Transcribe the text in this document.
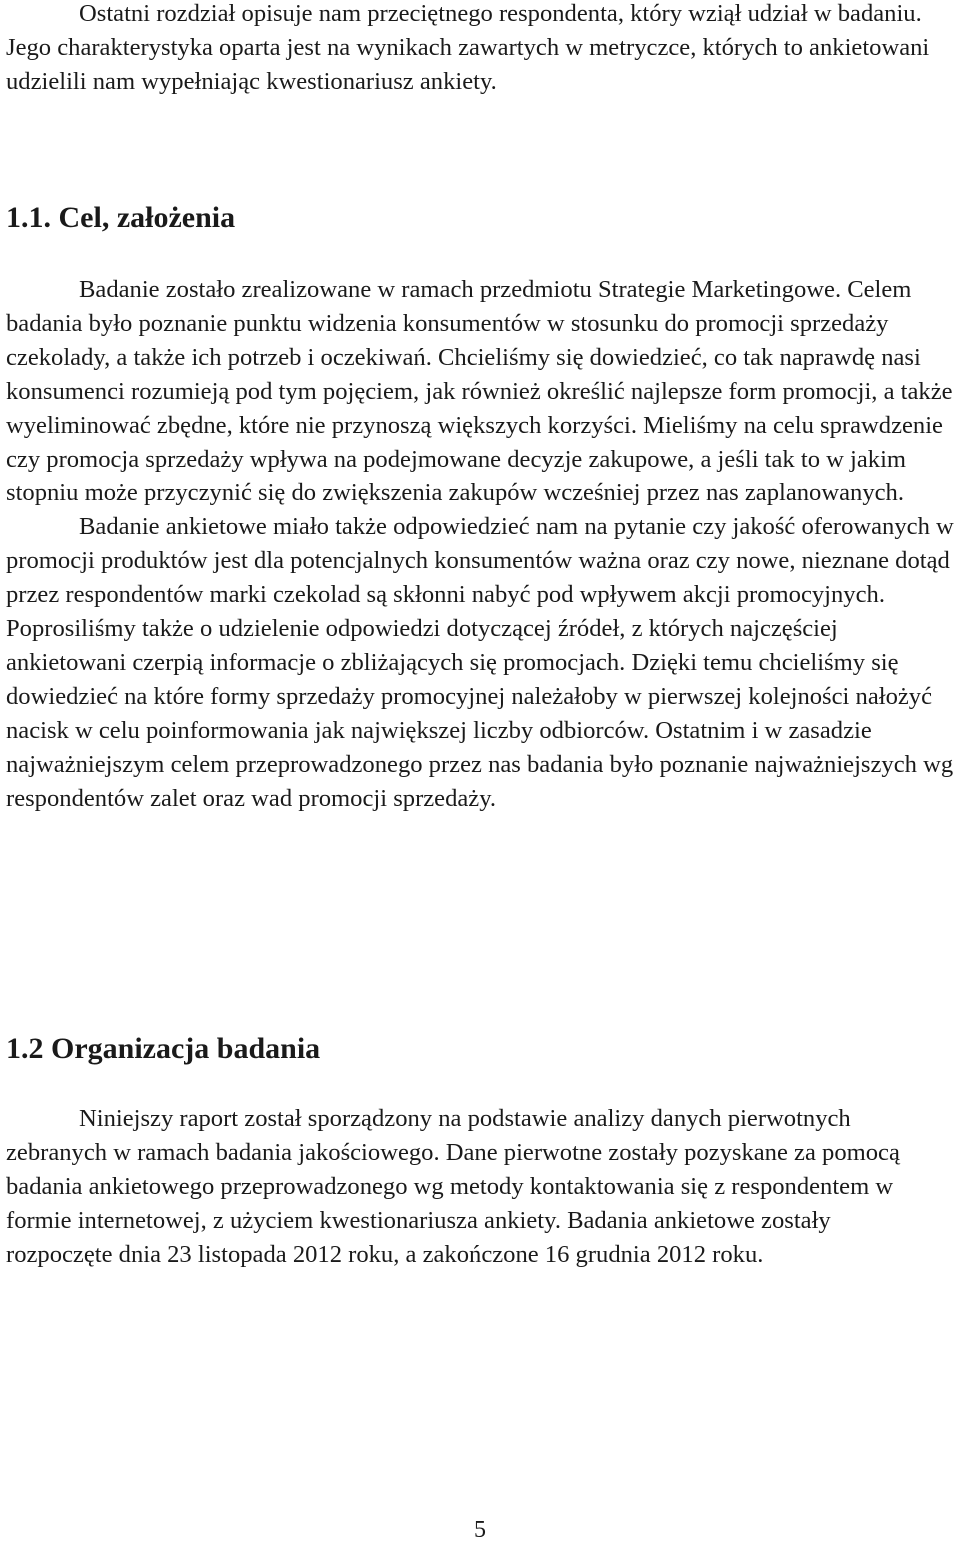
Ostatni rozdział opisuje nam przeciętnego respondenta, który wziął udział w badaniu. Jego charakterystyka oparta jest na wynikach zawartych w metryczce, których to ankietowani udzielili nam wypełniając kwestionariusz ankiety.

1.1. Cel, założenia

Badanie zostało zrealizowane w ramach przedmiotu Strategie Marketingowe. Celem badania było poznanie punktu widzenia konsumentów w stosunku do promocji sprzedaży czekolady, a także ich potrzeb i oczekiwań. Chcieliśmy się dowiedzieć, co tak naprawdę nasi konsumenci rozumieją pod tym pojęciem, jak również określić najlepsze form promocji, a także wyeliminować zbędne, które nie przynoszą większych korzyści. Mieliśmy na celu sprawdzenie czy promocja sprzedaży wpływa na podejmowane decyzje zakupowe, a jeśli tak to w jakim stopniu może przyczynić się do zwiększenia zakupów wcześniej przez nas zaplanowanych.

Badanie ankietowe miało także odpowiedzieć nam na pytanie czy jakość oferowanych w promocji produktów jest dla potencjalnych konsumentów ważna oraz czy nowe, nieznane dotąd przez respondentów marki czekolad są skłonni nabyć pod wpływem akcji promocyjnych. Poprosiliśmy także o udzielenie odpowiedzi dotyczącej źródeł, z których najczęściej ankietowani czerpią informacje o zbliżających się promocjach. Dzięki temu chcieliśmy się dowiedzieć na które formy sprzedaży promocyjnej należałoby w pierwszej kolejności nałożyć nacisk w celu poinformowania jak największej liczby odbiorców. Ostatnim i w zasadzie najważniejszym celem przeprowadzonego przez nas badania było poznanie najważniejszych wg respondentów zalet oraz wad promocji sprzedaży.

1.2 Organizacja badania

Niniejszy raport został sporządzony na podstawie analizy danych pierwotnych zebranych w ramach badania jakościowego. Dane pierwotne zostały pozyskane za pomocą badania ankietowego przeprowadzonego wg metody kontaktowania się z respondentem w formie internetowej, z użyciem kwestionariusza ankiety. Badania ankietowe zostały rozpoczęte dnia 23 listopada 2012 roku, a zakończone 16 grudnia 2012 roku.

5
